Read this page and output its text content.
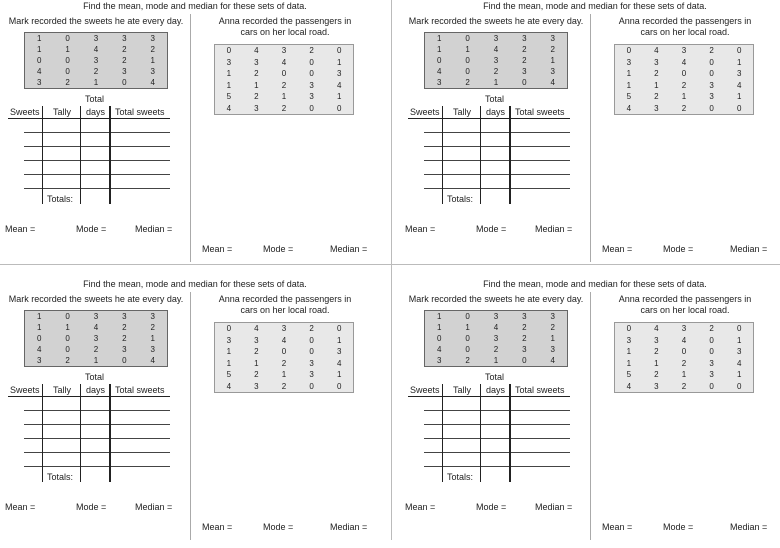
Find the mean, mode and median for these sets of data.
Mark recorded the sweets he ate every day.
1	0	3	3	3
1	1	4	2	2
0	0	3	2	1
4	0	2	3	3
3	2	1	0	4
Total
Sweets Tally days Total sweets
Totals:
Mean =	Mode =	Median =
Anna recorded the passengers in
cars on her local road.
0	4	3	2	0
3	3	4	0	1
1	2	0	0	3
1	1	2	3	4
5	2	1	3	1
4	3	2	0	0
Mean =	Mode =	Median =
Find the mean, mode and median for these sets of data.
Mark recorded the sweets he ate every day.
1	0	3	3	3
1	1	4	2	2
0	0	3	2	1
4	0	2	3	3
3	2	1	0	4
Total
Sweets Tally days Total sweets
Totals:
Mean =	Mode =	Median =
Anna recorded the passengers in
cars on her local road.
0	4	3	2	0
3	3	4	0	1
1	2	0	0	3
1	1	2	3	4
5	2	1	3	1
4	3	2	0	0
Mean =	Mode =	Median =
Find the mean, mode and median for these sets of data.
Mark recorded the sweets he ate every day.
1	0	3	3	3
1	1	4	2	2
0	0	3	2	1
4	0	2	3	3
3	2	1	0	4
Total
Sweets Tally days Total sweets
Totals:
Mean =	Mode =	Median =
Anna recorded the passengers in
cars on her local road.
0	4	3	2	0
3	3	4	0	1
1	2	0	0	3
1	1	2	3	4
5	2	1	3	1
4	3	2	0	0
Mean =	Mode =	Median =
Find the mean, mode and median for these sets of data.
Mark recorded the sweets he ate every day.
1	0	3	3	3
1	1	4	2	2
0	0	3	2	1
4	0	2	3	3
3	2	1	0	4
Total
Sweets Tally days Total sweets
Totals:
Mean =	Mode =	Median =
Anna recorded the passengers in
cars on her local road.
0	4	3	2	0
3	3	4	0	1
1	2	0	0	3
1	1	2	3	4
5	2	1	3	1
4	3	2	0	0
Mean =	Mode =	Median =
